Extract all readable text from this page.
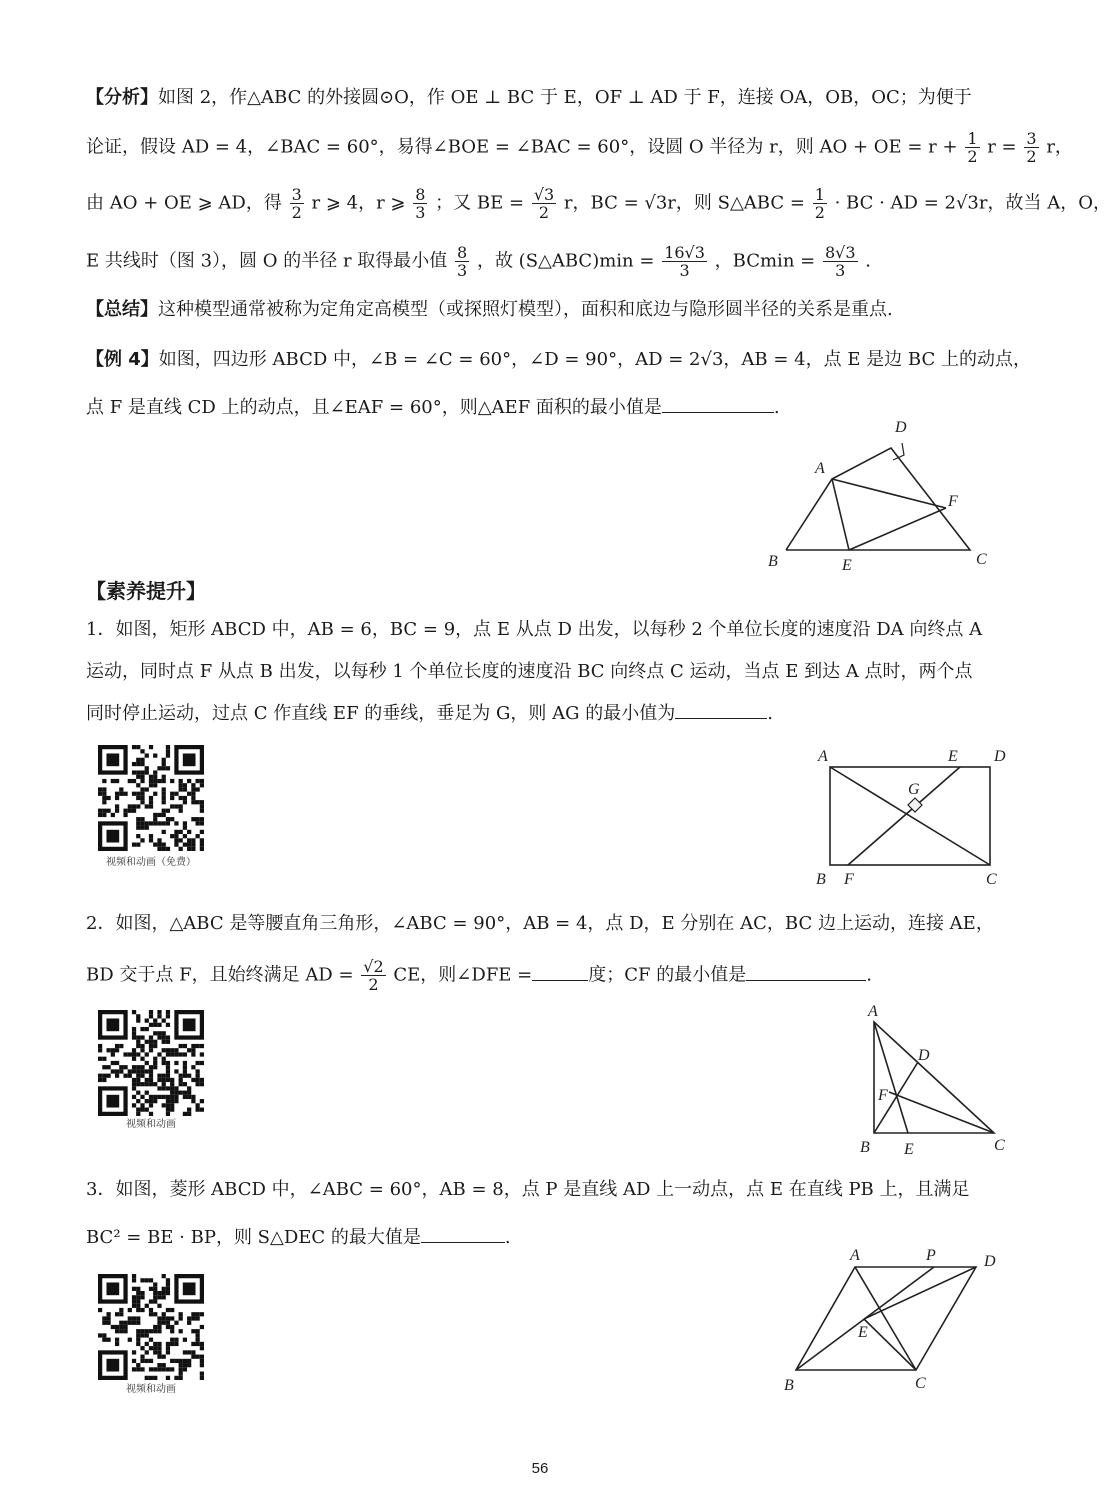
【分析】如图 2，作△ABC 的外接圆⊙O，作 OE ⊥ BC 于 E，OF ⊥ AD 于 F，连接 OA，OB，OC；为便于
论证，假设 AD = 4，∠BAC = 60°，易得∠BOE = ∠BAC = 60°，设圆 O 半径为 r，则 AO + OE = $r + \frac{1}{2}$ $r = \frac{3}{2}$ r，
由 AO + OE ⩾ AD，得 $\frac{3}{2}$ r ⩾ 4，r ⩾ $\frac{8}{3}$ ；又 BE = $\frac{√3}{2}$ r，BC = √3r，则 S△ABC = $\frac{1}{2}$ · BC · AD = 2√3r，故当 A，O，
E 共线时（图 3），圆 O 的半径 r 取得最小值 $\frac{8}{3}$ ，故 (S△ABC)min = $\frac{16√3}{3}$ ，$BCmin = \frac{8√3}{3}$ .
【总结】这种模型通常被称为定角定高模型（或探照灯模型），面积和底边与隐形圆半径的关系是重点.
【例 4】如图，四边形 ABCD 中，∠B = ∠C = 60°，∠D = 90°，AD = 2√3，AB = 4，点 E 是边 BC 上的动点，
点 F 是直线 CD 上的动点，且∠EAF = 60°，则△AEF 面积的最小值是	.
A
D
F
B	E	C
【素养提升】
1．如图，矩形 ABCD 中，AB = 6，BC = 9，点 E 从点 D 出发，以每秒 2 个单位长度的速度沿 DA 向终点 A
运动，同时点 F 从点 B 出发，以每秒 1 个单位长度的速度沿 BC 向终点 C 运动，当点 E 到达 A 点时，两个点
同时停止运动，过点 C 作直线 EF 的垂线，垂足为 G，则 AG 的最小值为	.
视频和动画（免费）
A	E D
G
B F	C
2．如图，△ABC 是等腰直角三角形，∠ABC = 90°，AB = 4，点 D，E 分别在 AC，BC 边上运动，连接 AE，
BD 交于点 F，且始终满足 AD = $\frac{√2}{2}$ CE，则∠DFE =	度；CF 的最小值是	.
视频和动画
A
D
F
B E	C
3．如图，菱形 ABCD 中，∠ABC = 60°，AB = 8，点 P 是直线 AD 上一动点，点 E 在直线 PB 上，且满足
BC² = BE · BP，则 S△DEC 的最大值是	.
视频和动画
A	P	D
E
B	C
56
